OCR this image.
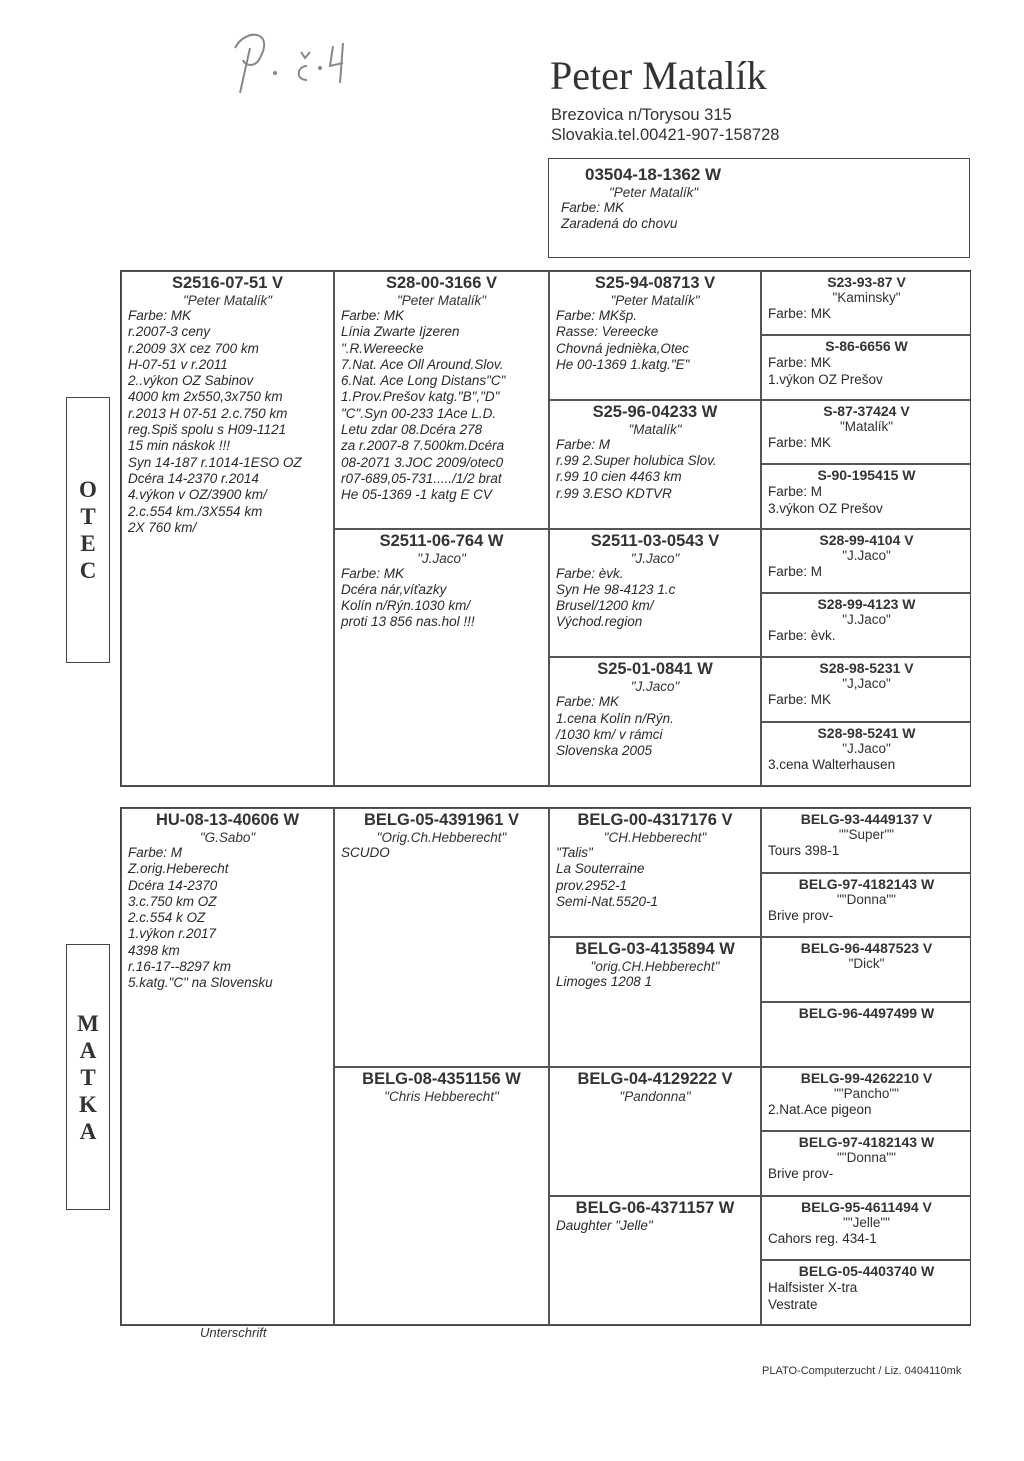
Peter Matalík
Brezovica n/Torysou 315
Slovakia.tel.00421-907-158728
03504-18-1362 W
"Peter Matalík"
Farbe: MK
Zaradená do chovu
O
T
E
C
M
A
T
K
A
S2516-07-51 V
"Peter Matalík"
Farbe: MK
r.2007-3 ceny
r.2009 3X cez 700 km
H-07-51 v r.2011
2..výkon OZ Sabinov
4000 km 2x550,3x750 km
r.2013 H 07-51 2.c.750 km
reg.Spiš spolu s H09-1121
15 min náskok !!!
Syn 14-187 r.1014-1ESO OZ
Dcéra 14-2370 r.2014
4.výkon v OZ/3900 km/
2.c.554 km./3X554 km
2X 760 km/
S28-00-3166 V
"Peter Matalík"
Farbe: MK
Línia Zwarte Ijzeren
".R.Wereecke
7.Nat. Ace Oll Around.Slov.
6.Nat. Ace Long Distans"C"
1.Prov.Prešov katg."B","D"
"C".Syn 00-233 1Ace L.D.
Letu zdar 08.Dcéra 278
za r.2007-8 7.500km.Dcéra
08-2071 3.JOC 2009/otec0
r07-689,05-731...../1/2 brat
He 05-1369 -1 katg E CV
S2511-06-764 W
"J.Jaco"
Farbe: MK
Dcéra nár,víťazky
Kolín n/Rýn.1030 km/
proti 13 856 nas.hol !!!
S25-94-08713 V
"Peter Matalík"
Farbe: MKšp.
Rasse: Vereecke
Chovná jednièka,Otec
He 00-1369 1.katg."E"
S25-96-04233 W
"Matalík"
Farbe: M
r.99 2.Super holubica Slov.
r.99 10 cien 4463 km
r.99 3.ESO KDTVR
S2511-03-0543 V
"J.Jaco"
Farbe: èvk.
Syn He 98-4123 1.c
Brusel/1200 km/
Východ.region
S25-01-0841 W
"J.Jaco"
Farbe: MK
1.cena Kolín n/Rýn.
/1030 km/ v rámci
Slovenska 2005
S23-93-87 V
"Kaminsky"
Farbe: MK
S-86-6656 W
Farbe: MK
1.výkon OZ Prešov
S-87-37424 V
"Matalík"
Farbe: MK
S-90-195415 W
Farbe: M
3.výkon OZ Prešov
S28-99-4104 V
"J.Jaco"
Farbe: M
S28-99-4123 W
"J.Jaco"
Farbe: èvk.
S28-98-5231 V
"J,Jaco"
Farbe: MK
S28-98-5241 W
"J.Jaco"
3.cena Walterhausen
HU-08-13-40606 W
"G.Sabo"
Farbe: M
Z.orig.Heberecht
Dcéra 14-2370
3.c.750 km OZ
2.c.554 k OZ
1.výkon r.2017
4398 km
r.16-17--8297 km
5.katg."C" na Slovensku
BELG-05-4391961 V
"Orig.Ch.Hebberecht"
SCUDO
BELG-08-4351156 W
"Chris Hebberecht"
BELG-00-4317176 V
"CH.Hebberecht"
"Talis"
La Souterraine
prov.2952-1
Semi-Nat.5520-1
BELG-03-4135894 W
"orig.CH.Hebberecht"
Limoges 1208 1
BELG-04-4129222 V
"Pandonna"
BELG-06-4371157 W
Daughter "Jelle"
BELG-93-4449137 V
""Super""
Tours 398-1
BELG-97-4182143 W
""Donna""
Brive prov-
BELG-96-4487523 V
"Dick"
BELG-96-4497499 W
BELG-99-4262210 V
""Pancho""
2.Nat.Ace pigeon
BELG-97-4182143 W
""Donna""
Brive prov-
BELG-95-4611494 V
""Jelle""
Cahors reg. 434-1
BELG-05-4403740 W
Halfsister X-tra
Vestrate
Unterschrift
PLATO-Computerzucht / Liz. 0404110mk
